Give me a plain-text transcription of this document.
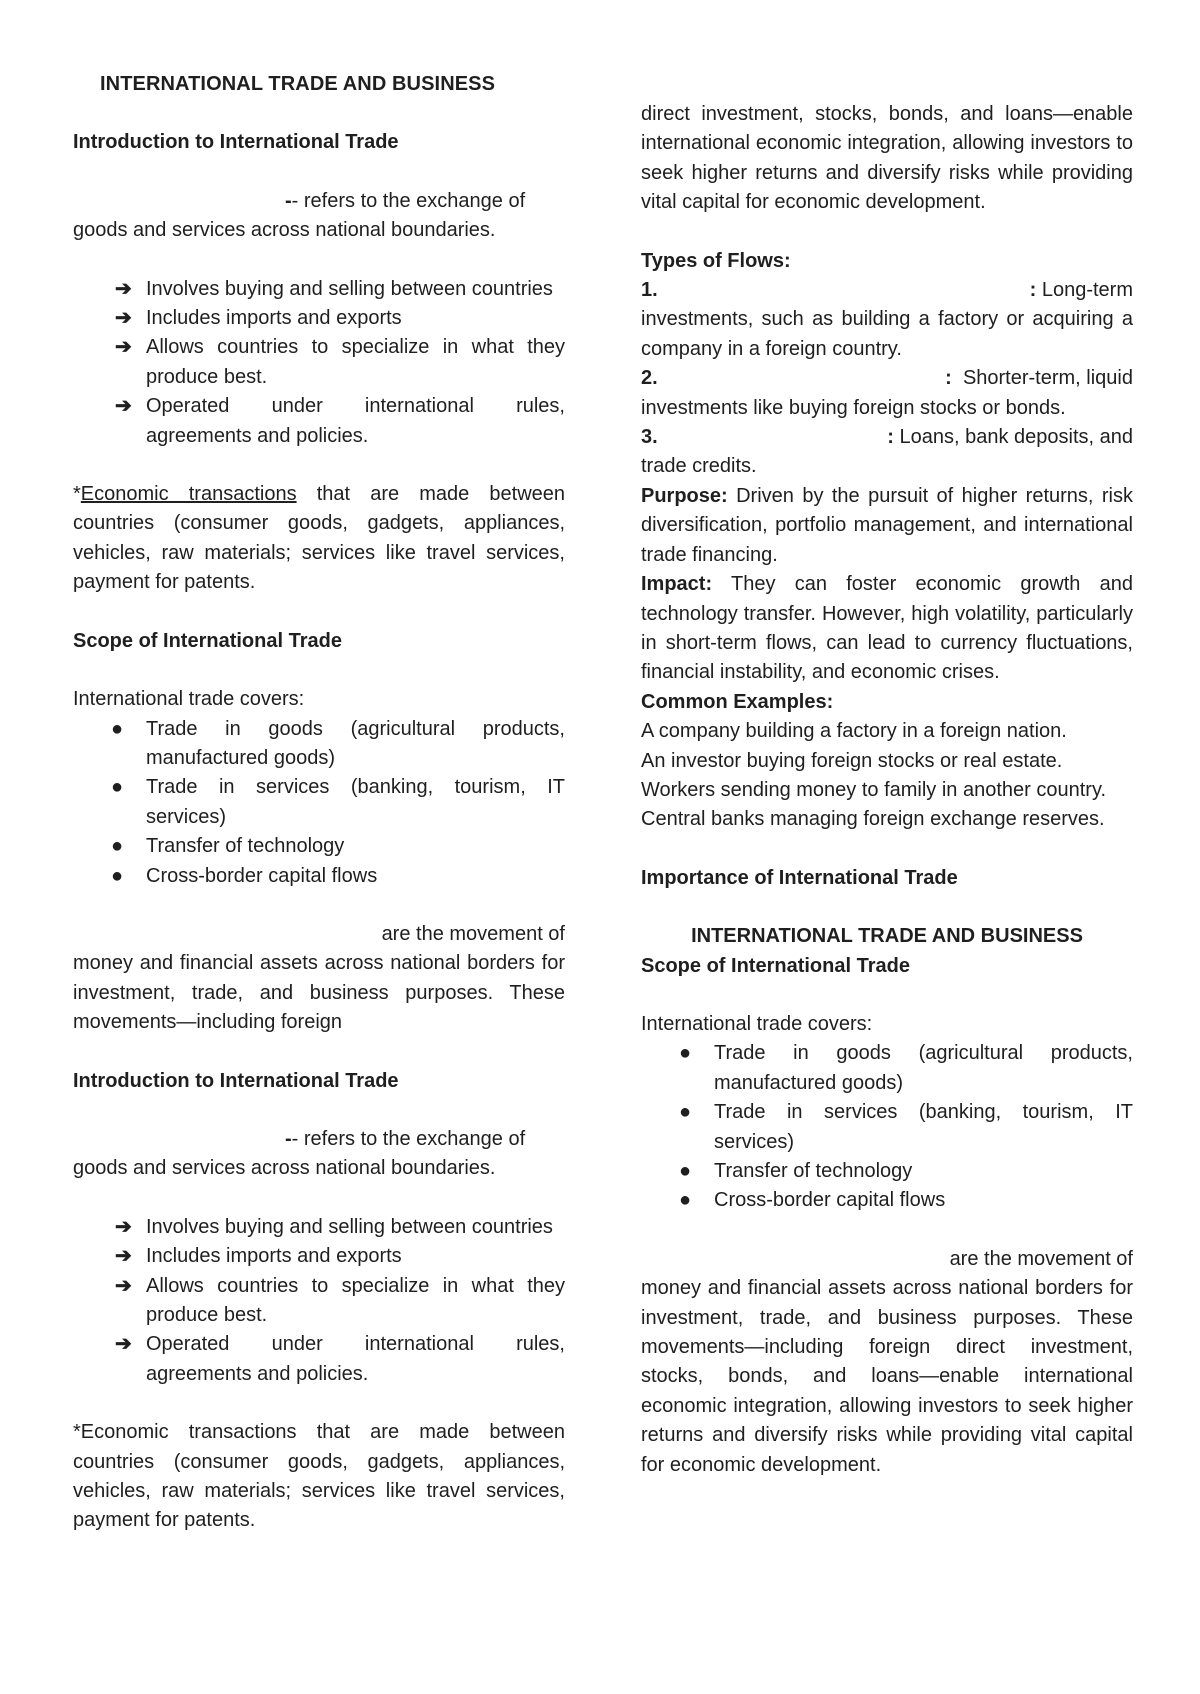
INTERNATIONAL TRADE AND BUSINESS
Introduction to International Trade
-- refers to the exchange of
goods and services across national boundaries.
➔ Involves buying and selling between countries
➔ Includes imports and exports
➔ Allows countries to specialize in what they produce best.
➔ Operated under international rules, agreements and policies.
*Economic transactions that are made between countries (consumer goods, gadgets, appliances, vehicles, raw materials; services like travel services, payment for patents.
Scope of International Trade
International trade covers:
● Trade in goods (agricultural products, manufactured goods)
● Trade in services (banking, tourism, IT services)
● Transfer of technology
● Cross-border capital flows
are the movement of
money and financial assets across national borders for investment, trade, and business purposes. These movements—including foreign
Introduction to International Trade
-- refers to the exchange of
goods and services across national boundaries.
➔ Involves buying and selling between countries
➔ Includes imports and exports
➔ Allows countries to specialize in what they produce best.
➔ Operated under international rules, agreements and policies.
*Economic transactions that are made between countries (consumer goods, gadgets, appliances, vehicles, raw materials; services like travel services, payment for patents.
direct investment, stocks, bonds, and loans—enable international economic integration, allowing investors to seek higher returns and diversify risks while providing vital capital for economic development.
Types of Flows:
1.	: Long-term
investments, such as building a factory or acquiring a company in a foreign country.
2.	: Shorter-term, liquid
investments like buying foreign stocks or bonds.
3.	: Loans, bank deposits, and
trade credits.
Purpose: Driven by the pursuit of higher returns, risk diversification, portfolio management, and international trade financing.
Impact: They can foster economic growth and technology transfer. However, high volatility, particularly in short-term flows, can lead to currency fluctuations, financial instability, and economic crises.
Common Examples:
A company building a factory in a foreign nation.
An investor buying foreign stocks or real estate.
Workers sending money to family in another country.
Central banks managing foreign exchange reserves.
Importance of International Trade
INTERNATIONAL TRADE AND BUSINESS
Scope of International Trade
International trade covers:
● Trade in goods (agricultural products, manufactured goods)
● Trade in services (banking, tourism, IT services)
● Transfer of technology
● Cross-border capital flows
are the movement of
money and financial assets across national borders for investment, trade, and business purposes. These movements—including foreign direct investment, stocks, bonds, and loans—enable international economic integration, allowing investors to seek higher returns and diversify risks while providing vital capital for economic development.
